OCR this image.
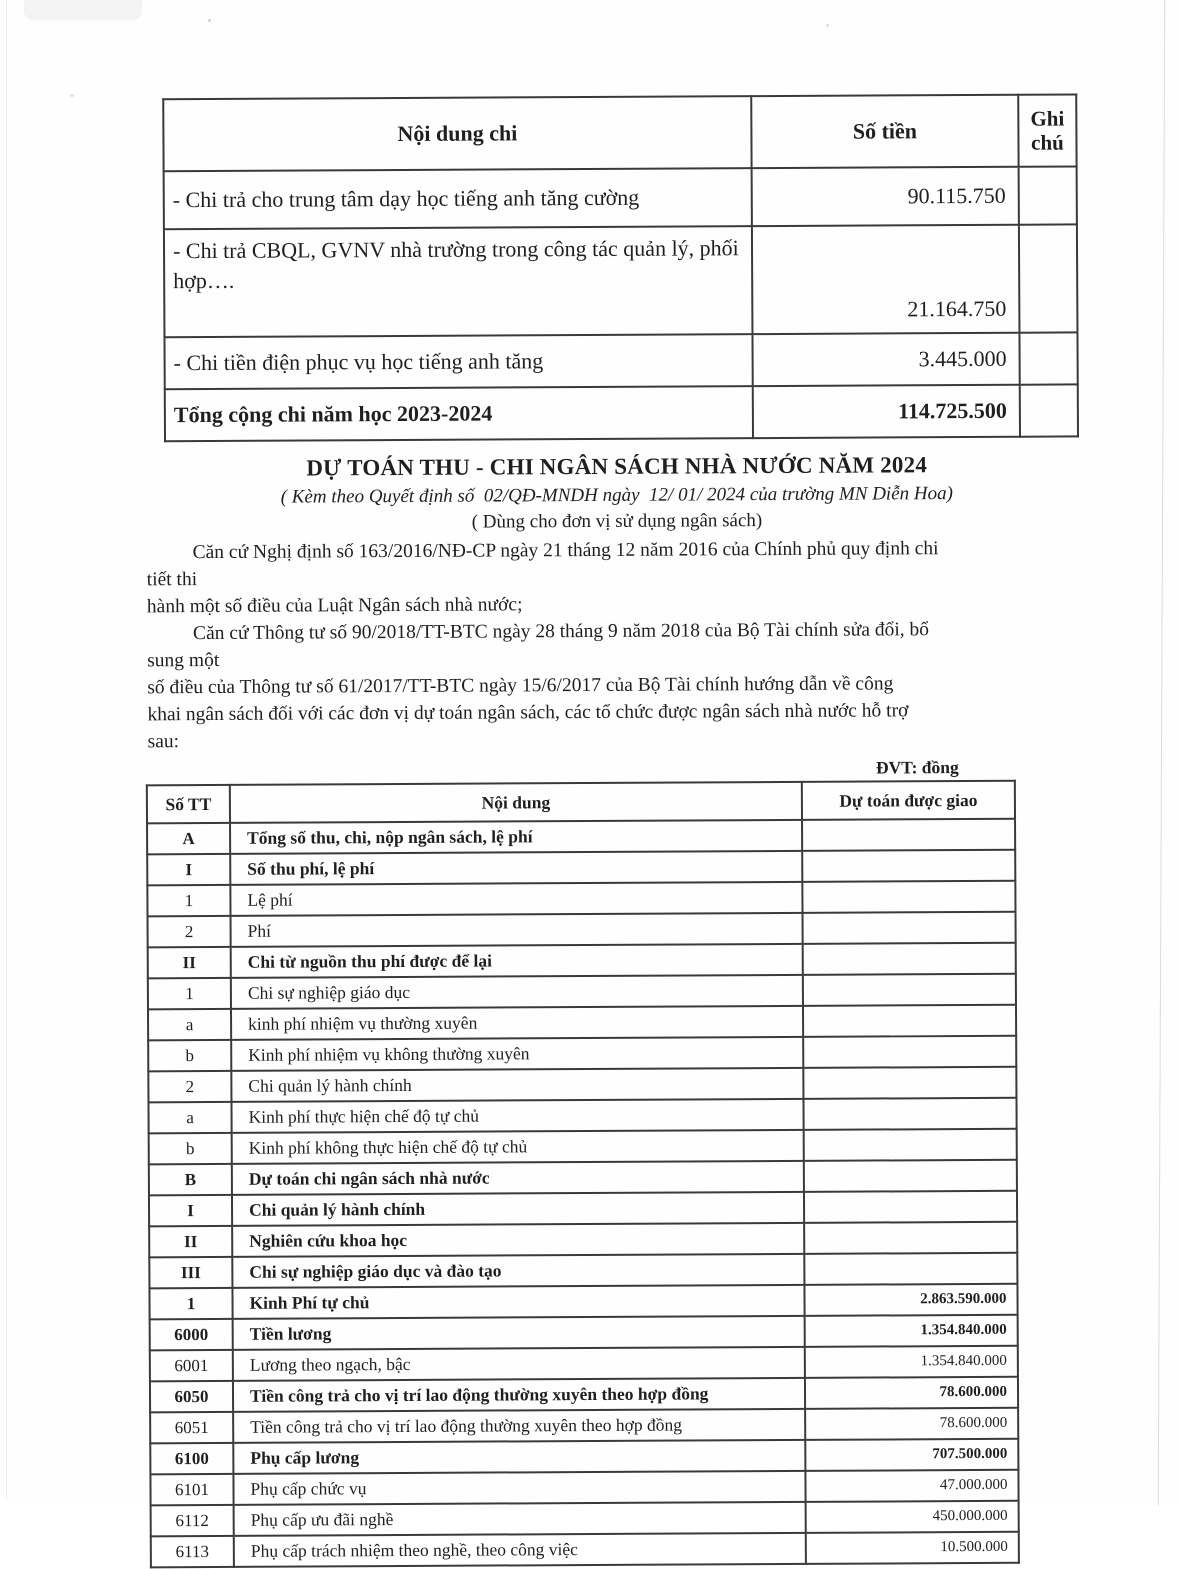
Nội dung chi	Số tiền	Ghi chú
- Chi trả cho trung tâm dạy học tiếng anh tăng cường	90.115.750	
- Chi trả CBQL, GVNV nhà trường trong công tác quản lý, phối hợp….	21.164.750	
- Chi tiền điện phục vụ học tiếng anh tăng	3.445.000	
Tổng cộng chi năm học 2023-2024	114.725.500	
DỰ TOÁN THU - CHI NGÂN SÁCH NHÀ NƯỚC NĂM 2024
( Kèm theo Quyết định số  02/QĐ-MNDH ngày  12/ 01/ 2024 của trường MN Diễn Hoa)
( Dùng cho đơn vị sử dụng ngân sách)
Căn cứ Nghị định số 163/2016/NĐ-CP ngày 21 tháng 12 năm 2016 của Chính phủ quy định chi
tiết thi
hành một số điều của Luật Ngân sách nhà nước;
Căn cứ Thông tư số 90/2018/TT-BTC ngày 28 tháng 9 năm 2018 của Bộ Tài chính sửa đổi, bổ
sung một
số điều của Thông tư số 61/2017/TT-BTC ngày 15/6/2017 của Bộ Tài chính hướng dẫn về công
khai ngân sách đối với các đơn vị dự toán ngân sách, các tổ chức được ngân sách nhà nước hỗ trợ
sau:
ĐVT: đồng
Số TT	Nội dung	Dự toán được giao
A	Tổng số thu, chi, nộp ngân sách, lệ phí	
I	Số thu phí, lệ phí	
1	Lệ phí	
2	Phí	
II	Chi từ nguồn thu phí được để lại	
1	Chi sự nghiệp giáo dục	
a	kinh phí nhiệm vụ thường xuyên	
b	Kinh phí nhiệm vụ không thường xuyên	
2	Chi quản lý hành chính	
a	Kinh phí thực hiện chế độ tự chủ	
b	Kinh phí không thực hiện chế độ tự chủ	
B	Dự toán chi ngân sách nhà nước	
I	Chi quản lý hành chính	
II	Nghiên cứu khoa học	
III	Chi sự nghiệp giáo dục và đào tạo	
1	Kinh Phí tự chủ	2.863.590.000
6000	Tiền lương	1.354.840.000
6001	Lương theo ngạch, bậc	1.354.840.000
6050	Tiền công trả cho vị trí lao động thường xuyên theo hợp đồng	78.600.000
6051	Tiền công trả cho vị trí lao động thường xuyên theo hợp đồng	78.600.000
6100	Phụ cấp lương	707.500.000
6101	Phụ cấp chức vụ	47.000.000
6112	Phụ cấp ưu đãi nghề	450.000.000
6113	Phụ cấp trách nhiệm theo nghề, theo công việc	10.500.000
